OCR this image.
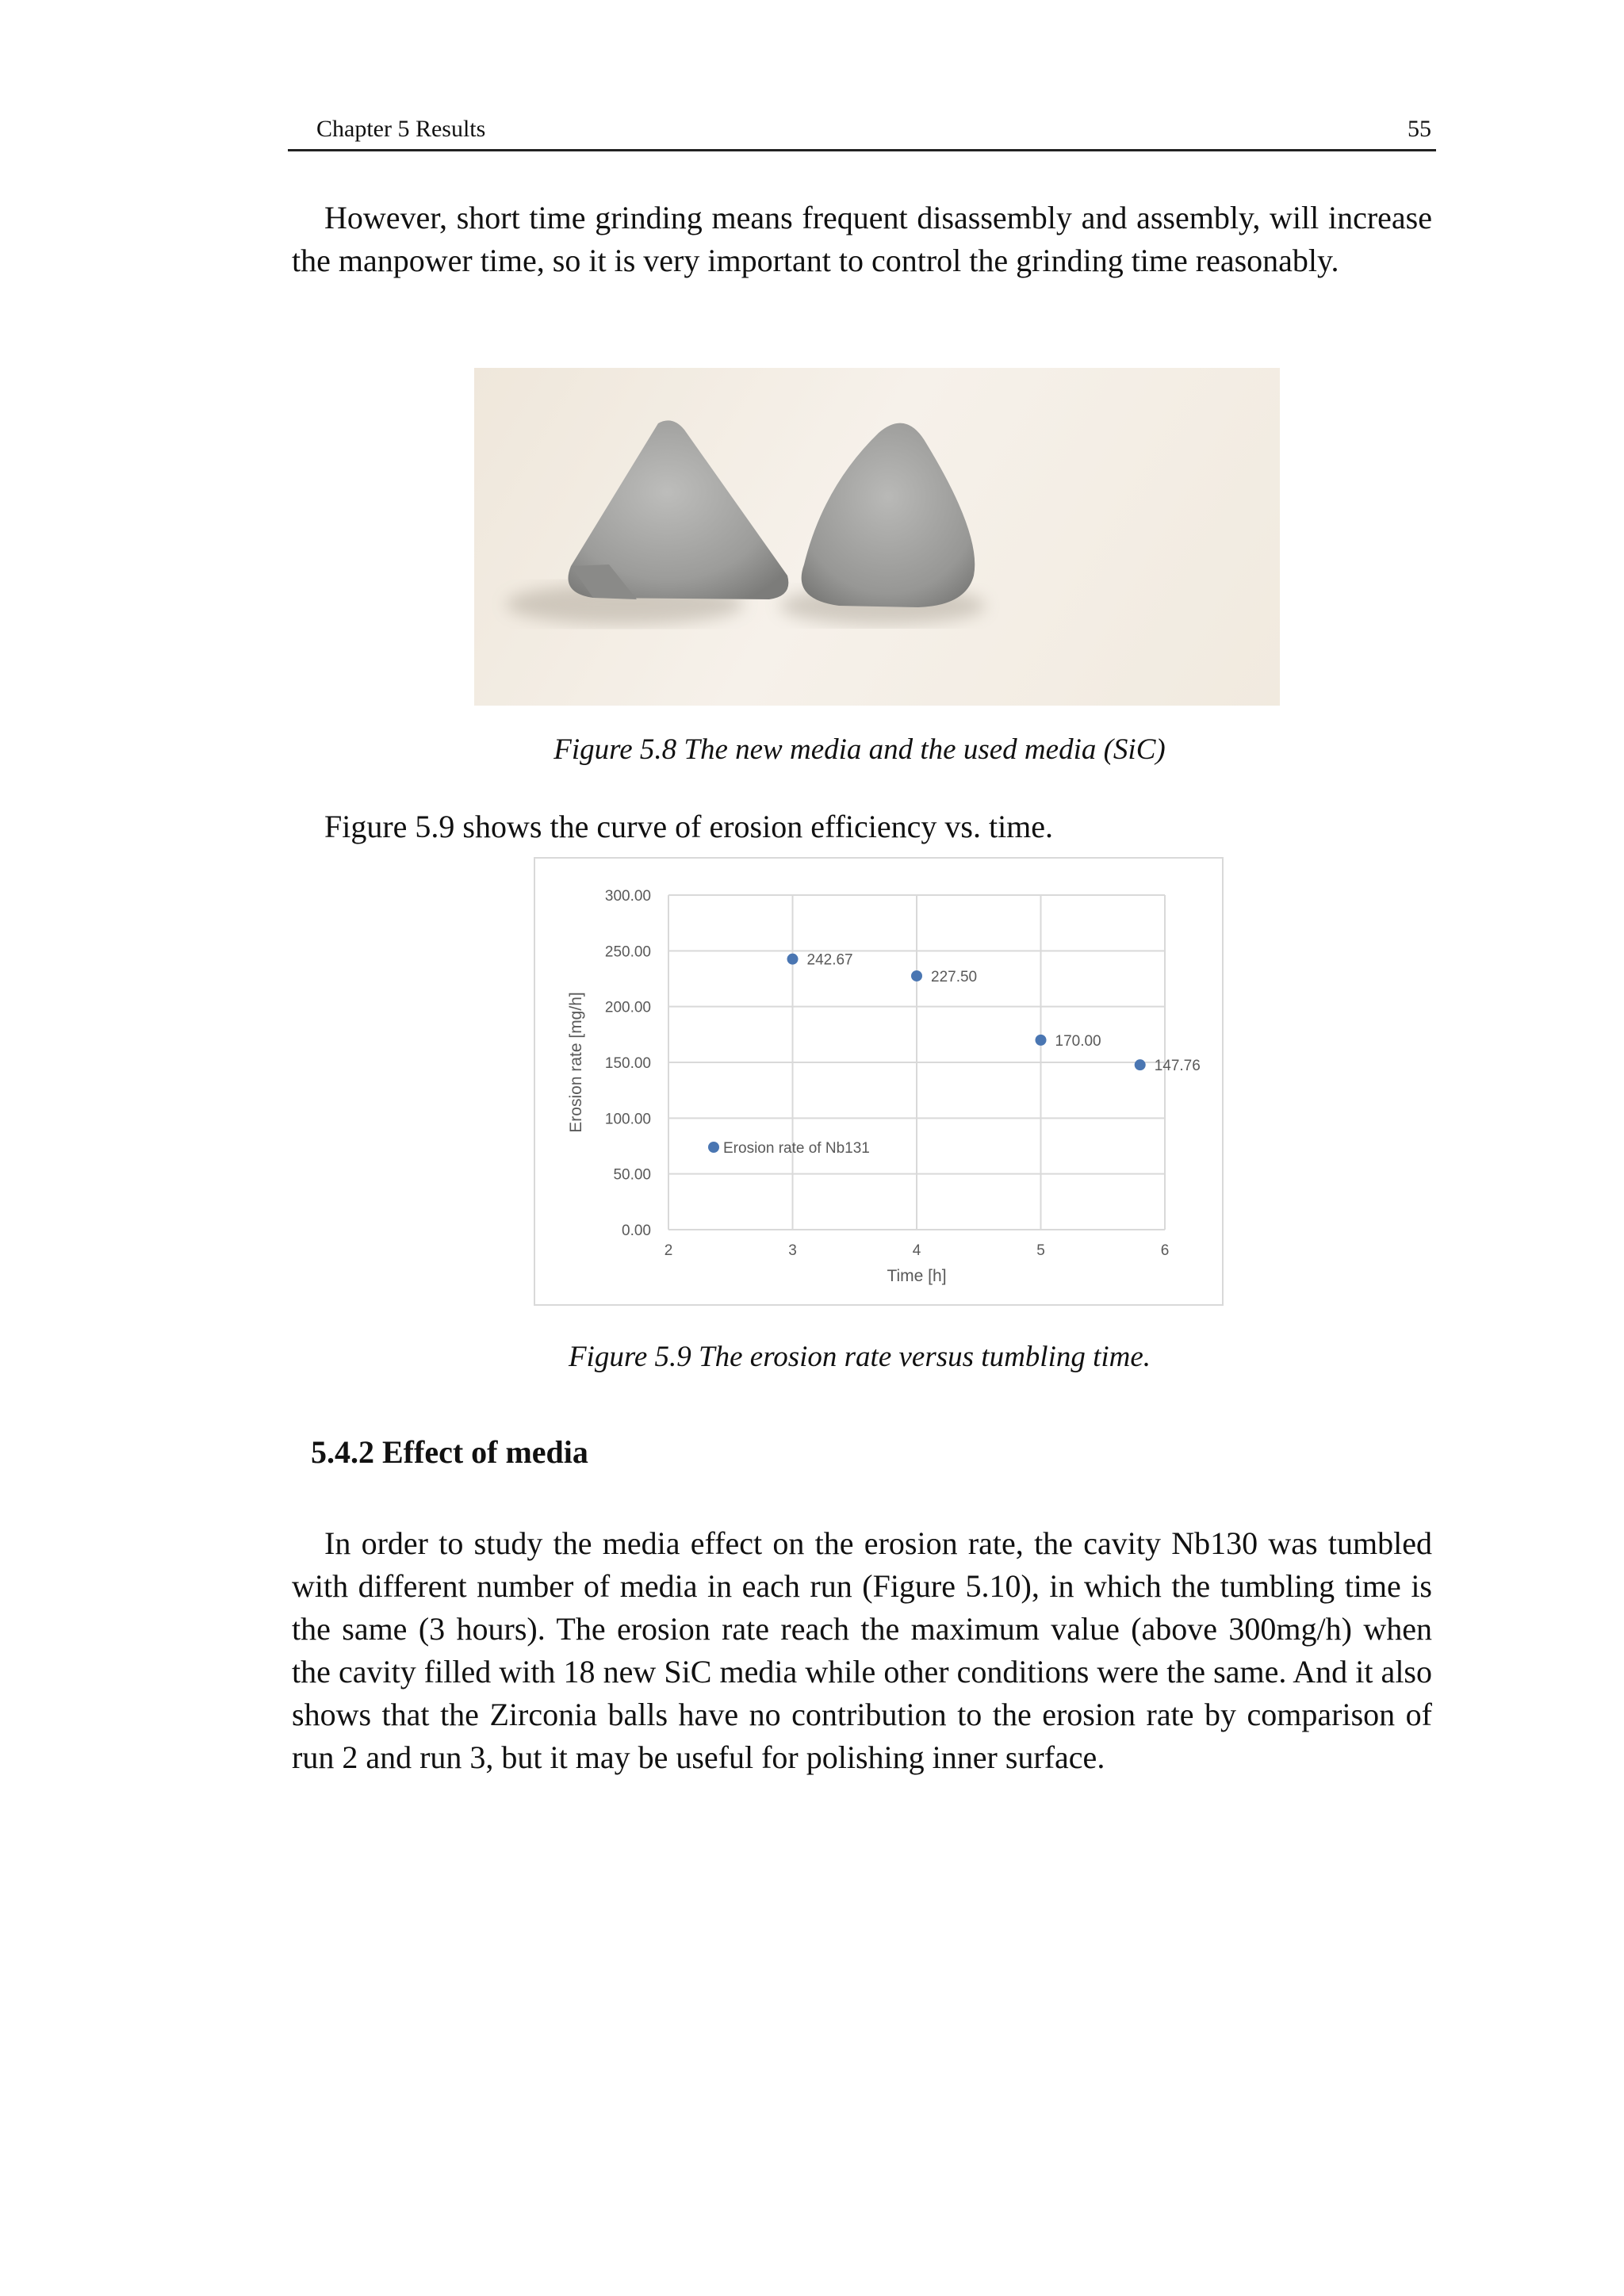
Chapter 5 Results	55

However, short time grinding means frequent disassembly and assembly, will increase the manpower time, so it is very important to control the grinding time reasonably.

Figure 5.8 The new media and the used media (SiC)

Figure 5.9 shows the curve of erosion efficiency vs. time.

0.00
50.00
100.00
150.00
200.00
250.00
300.00
2	3	4	5	6
Time [h]
Erosion rate [mg/h]
242.67
227.50
170.00
147.76
Erosion rate of Nb131
Figure 5.9 The erosion rate versus tumbling time.
5.4.2 Effect of media

In order to study the media effect on the erosion rate, the cavity Nb130 was tumbled with different number of media in each run (Figure 5.10), in which the tumbling time is the same (3 hours). The erosion rate reach the maximum value (above 300mg/h) when the cavity filled with 18 new SiC media while other conditions were the same. And it also shows that the Zirconia balls have no contribution to the erosion rate by comparison of run 2 and run 3, but it may be useful for polishing inner surface.
